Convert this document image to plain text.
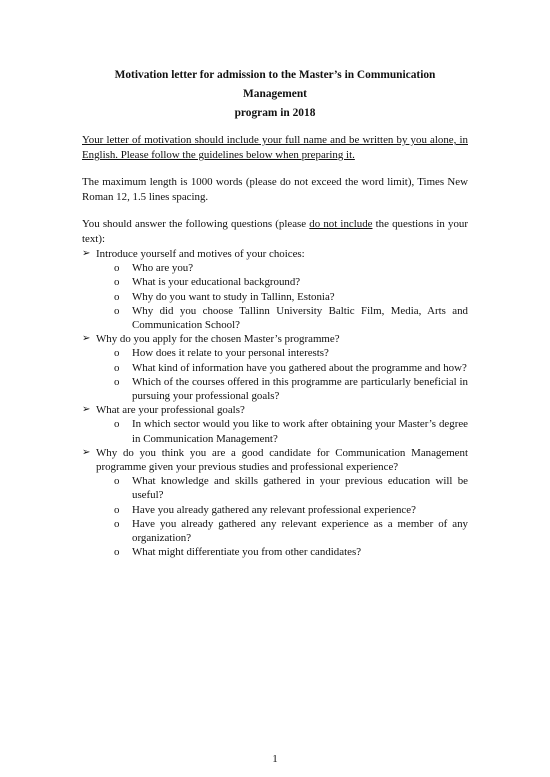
Motivation letter for admission to the Master’s in Communication Management
program in 2018

Your letter of motivation should include your full name and be written by you alone, in English. Please follow the guidelines below when preparing it.

The maximum length is 1000 words (please do not exceed the word limit), Times New Roman 12, 1.5 lines spacing.

You should answer the following questions (please do not include the questions in your text):

➢ Introduce yourself and motives of your choices:
o Who are you?
o What is your educational background?
o Why do you want to study in Tallinn, Estonia?
o Why did you choose Tallinn University Baltic Film, Media, Arts and Communication School?
➢ Why do you apply for the chosen Master’s programme?
o How does it relate to your personal interests?
o What kind of information have you gathered about the programme and how?
o Which of the courses offered in this programme are particularly beneficial in pursuing your professional goals?
➢ What are your professional goals?
o In which sector would you like to work after obtaining your Master’s degree in Communication Management?
➢ Why do you think you are a good candidate for Communication Management programme given your previous studies and professional experience?
o What knowledge and skills gathered in your previous education will be useful?
o Have you already gathered any relevant professional experience?
o Have you already gathered any relevant experience as a member of any organization?
o What might differentiate you from other candidates?
1
